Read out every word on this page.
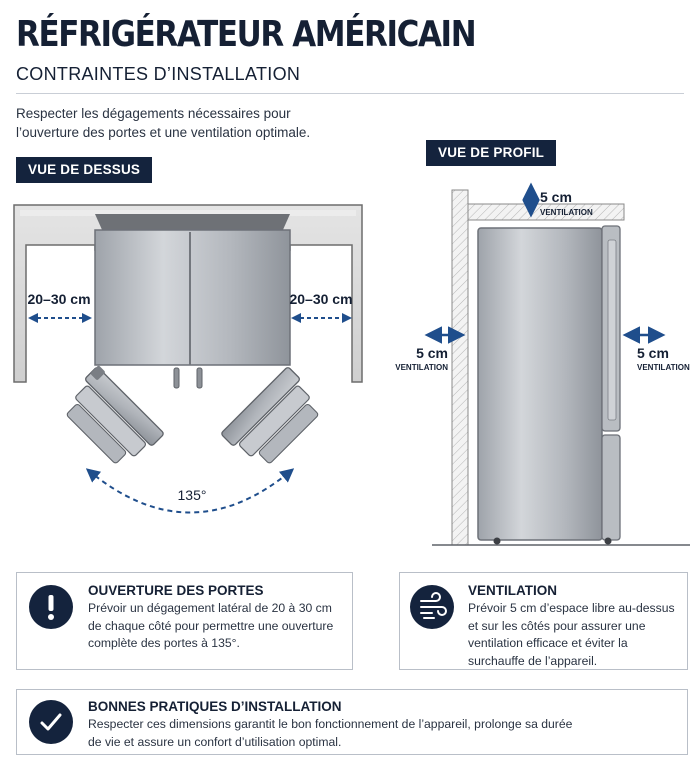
RÉFRIGÉRATEUR AMÉRICAIN
CONTRAINTES D’INSTALLATION
Respecter les dégagements nécessaires pour l’ouverture des portes et une ventilation optimale.
20–30 cm	20–30 cm
135°
5 cm
VENTILATION
5 cm
VENTILATION
5 cm
VENTILATION
VUE DE DESSUS
VUE DE PROFIL
OUVERTURE DES PORTES
Prévoir un dégagement latéral de 20 à 30 cm de chaque côté pour permettre une ouverture complète des portes à 135°.
VENTILATION
Prévoir 5 cm d’espace libre au-dessus et sur les côtés pour assurer une ventilation efficace et éviter la surchauffe de l’appareil.
BONNES PRATIQUES D’INSTALLATION
Respecter ces dimensions garantit le bon fonctionnement de l’appareil, prolonge sa durée de vie et assure un confort d’utilisation optimal.
